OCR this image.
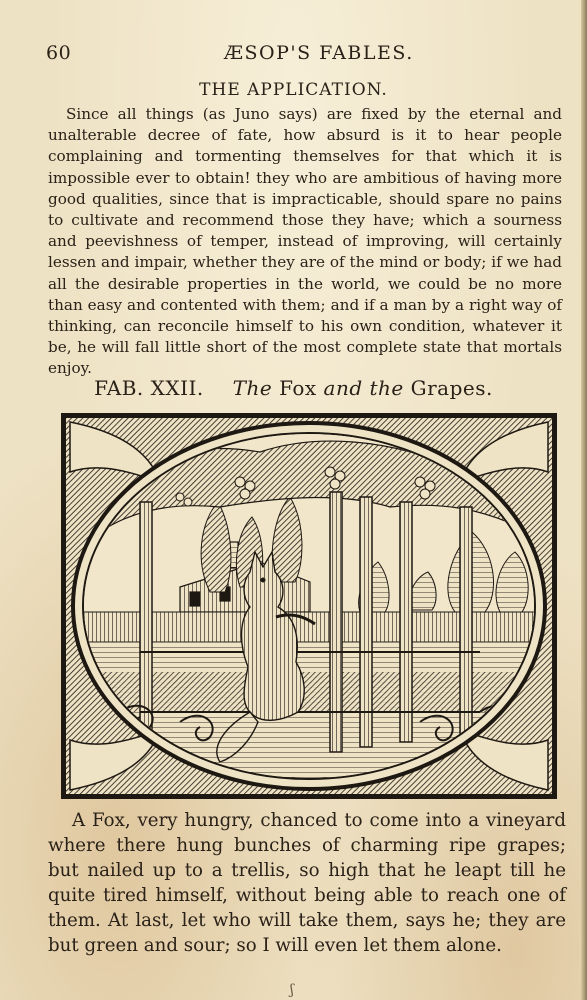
60	ÆSOP'S FABLES.
THE APPLICATION.

Since all things (as Juno says) are fixed by the eternal and unalterable decree of fate, how absurd is it to hear people complaining and tormenting themselves for that which it is impossible ever to obtain! they who are ambitious of having more good qualities, since that is impracticable, should spare no pains to cultivate and recommend those they have; which a sourness and peevishness of temper, instead of improving, will certainly lessen and impair, whether they are of the mind or body; if we had all the desirable properties in the world, we could be no more than easy and contented with them; and if a man by a right way of thinking, can reconcile himself to his own condition, whatever it be, he will fall little short of the most complete state that mortals enjoy.

FAB. XXII. The Fox and the Grapes.

A Fox, very hungry, chanced to come into a vineyard where there hung bunches of charming ripe grapes; but nailed up to a trellis, so high that he leapt till he quite tired himself, without being able to reach one of them. At last, let who will take them, says he; they are but green and sour; so I will even let them alone.

ʃ
